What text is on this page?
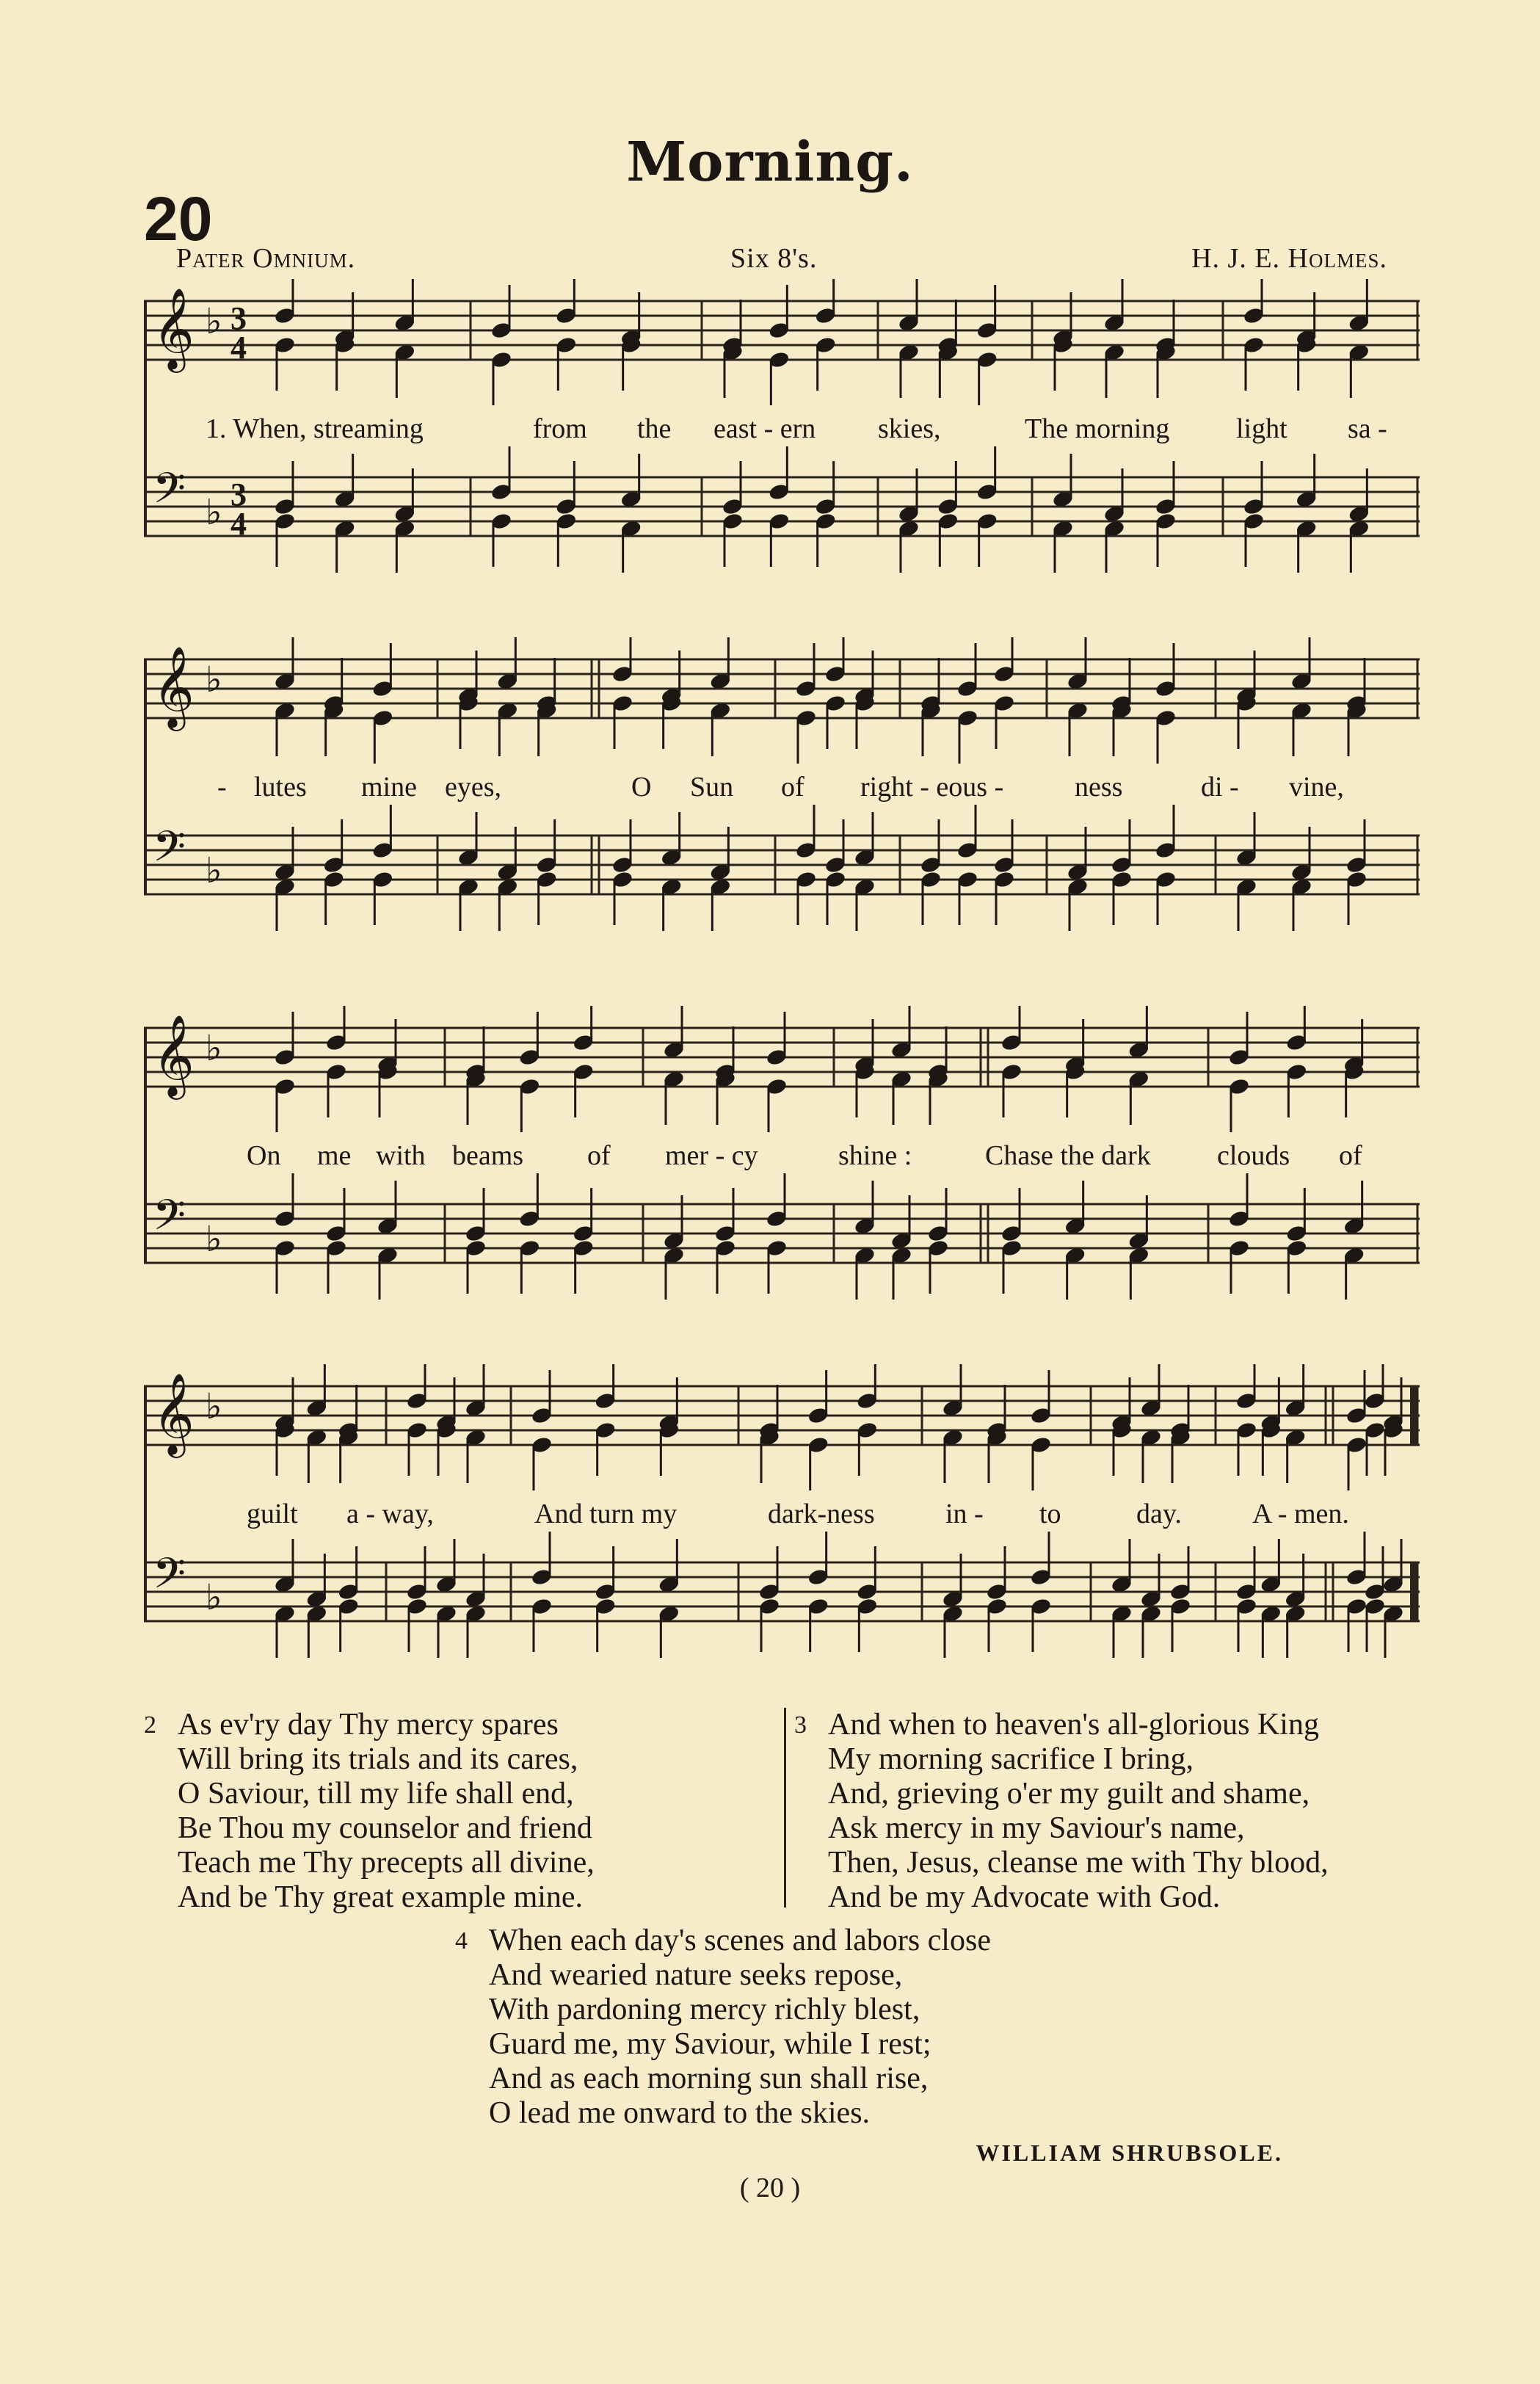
Morning.
20
Pater Omnium.	Six 8's.	H. J. E. Holmes.
𝄞 ♭ 3
4
𝄢 ♭ 3
4
1. When, streaming	from the east - ern skies,	The morning light sa -
𝄞 ♭
𝄢 ♭
- lutes mine eyes,	O Sun of right - eous -	ness	di - vine,
𝄞 ♭
𝄢 ♭
On me with beams of mer - cy	shine :	Chase the dark clouds of
𝄞 ♭
𝄢 ♭
guilt a - way,	And turn my	dark-ness	in - to	day.	A - men.
2 As ev'ry day Thy mercy spares
Will bring its trials and its cares,
O Saviour, till my life shall end,
Be Thou my counselor and friend
Teach me Thy precepts all divine,
And be Thy great example mine.
3 And when to heaven's all-glorious King
My morning sacrifice I bring,
And, grieving o'er my guilt and shame,
Ask mercy in my Saviour's name,
Then, Jesus, cleanse me with Thy blood,
And be my Advocate with God.
4 When each day's scenes and labors close
And wearied nature seeks repose,
With pardoning mercy richly blest,
Guard me, my Saviour, while I rest;
And as each morning sun shall rise,
O lead me onward to the skies.
WILLIAM SHRUBSOLE.
( 20 )
